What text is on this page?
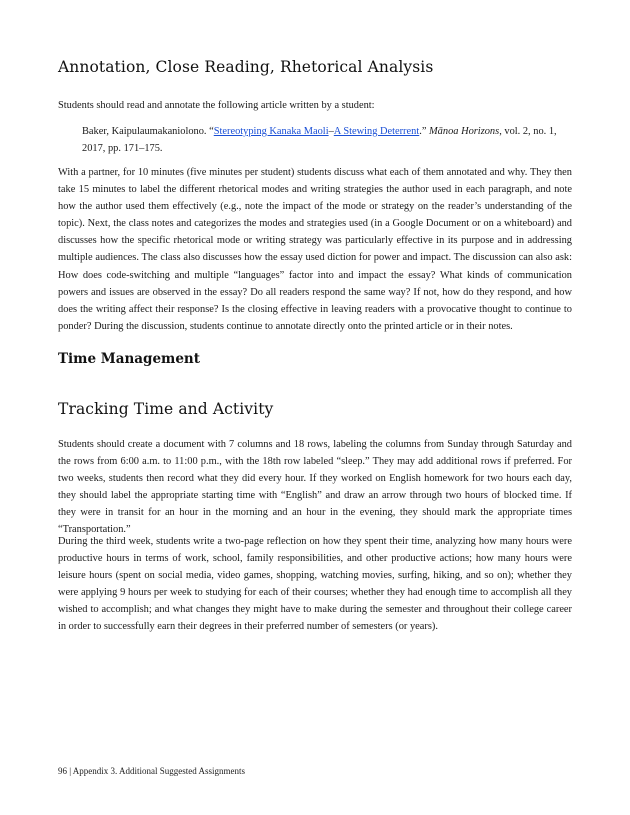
Annotation, Close Reading, Rhetorical Analysis

Students should read and annotate the following article written by a student:

Baker, Kaipulaumakaniolono. “Stereotyping Kanaka Maoli–A Stewing Deterrent.” Mānoa Horizons, vol. 2, no. 1, 2017, pp. 171–175.

With a partner, for 10 minutes (five minutes per student) students discuss what each of them annotated and why. They then take 15 minutes to label the different rhetorical modes and writing strategies the author used in each paragraph, and note how the author used them effectively (e.g., note the impact of the mode or strategy on the reader’s understanding of the topic). Next, the class notes and categorizes the modes and strategies used (in a Google Document or on a whiteboard) and discusses how the specific rhetorical mode or writing strategy was particularly effective in its purpose and in addressing multiple audiences. The class also discusses how the essay used diction for power and impact. The discussion can also ask: How does code-switching and multiple “languages” factor into and impact the essay? What kinds of communication powers and issues are observed in the essay? Do all readers respond the same way? If not, how do they respond, and how does the writing affect their response? Is the closing effective in leaving readers with a provocative thought to continue to ponder? During the discussion, students continue to annotate directly onto the printed article or in their notes.

Time Management
Tracking Time and Activity

Students should create a document with 7 columns and 18 rows, labeling the columns from Sunday through Saturday and the rows from 6:00 a.m. to 11:00 p.m., with the 18th row labeled “sleep.” They may add additional rows if preferred. For two weeks, students then record what they did every hour. If they worked on English homework for two hours each day, they should label the appropriate starting time with “English” and draw an arrow through two hours of blocked time. If they were in transit for an hour in the morning and an hour in the evening, they should mark the appropriate times “Transportation.”

During the third week, students write a two-page reflection on how they spent their time, analyzing how many hours were productive hours in terms of work, school, family responsibilities, and other productive actions; how many hours were leisure hours (spent on social media, video games, shopping, watching movies, surfing, hiking, and so on); whether they were applying 9 hours per week to studying for each of their courses; whether they had enough time to accomplish all they wished to accomplish; and what changes they might have to make during the semester and throughout their college career in order to successfully earn their degrees in their preferred number of semesters (or years).

96 | Appendix 3. Additional Suggested Assignments
